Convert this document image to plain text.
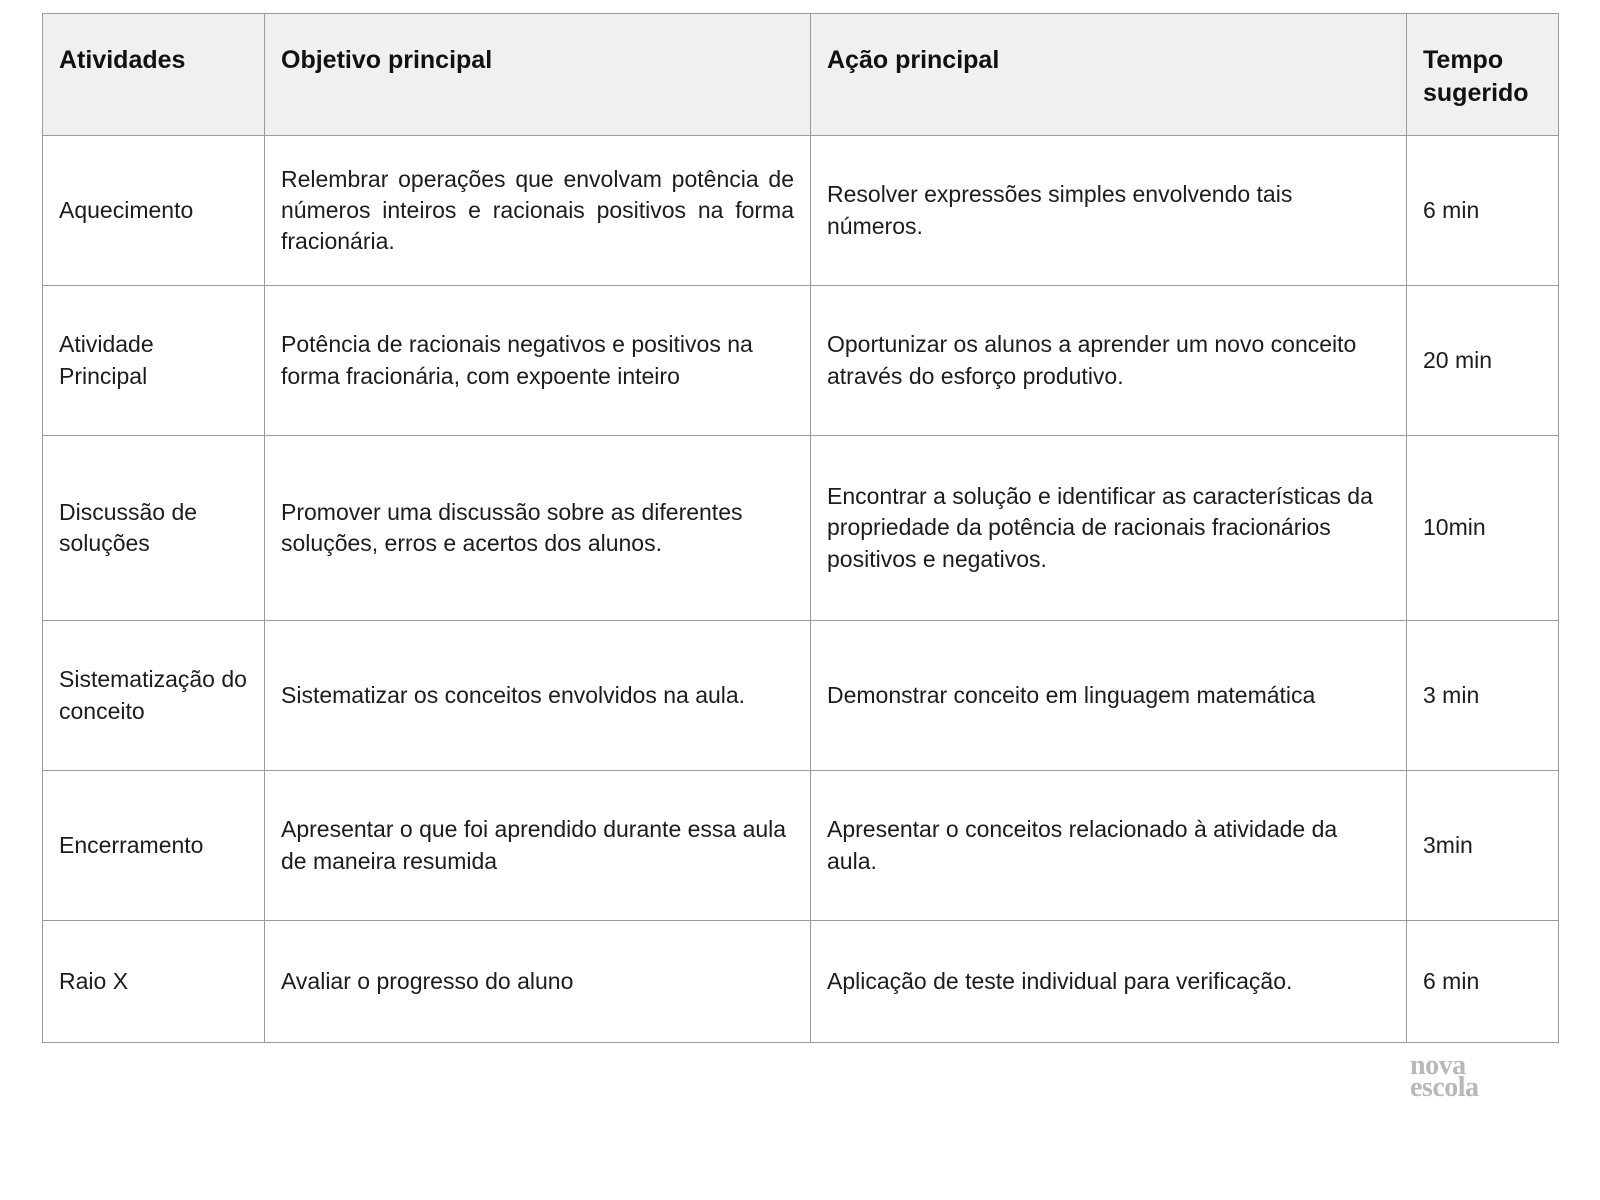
Atividades	Objetivo principal	Ação principal	Tempo sugerido
Aquecimento	Relembrar operações que envolvam potência de números inteiros e racionais positivos na forma fracionária.	Resolver expressões simples envolvendo tais números.	6 min
Atividade Principal	Potência de racionais negativos e positivos na forma fracionária, com expoente inteiro	Oportunizar os alunos a aprender um novo conceito através do esforço produtivo.	20 min
Discussão de soluções	Promover uma discussão sobre as diferentes soluções, erros e acertos dos alunos.	Encontrar a solução e identificar as características da propriedade da potência de racionais fracionários positivos e negativos.	10min
Sistematização do conceito	Sistematizar os conceitos envolvidos na aula.	Demonstrar conceito em linguagem matemática	3 min
Encerramento	Apresentar o que foi aprendido durante essa aula de maneira resumida	Apresentar o conceitos relacionado à atividade da aula.	3min
Raio X	Avaliar o progresso do aluno	Aplicação de teste individual para verificação.	6 min
nova
escola
